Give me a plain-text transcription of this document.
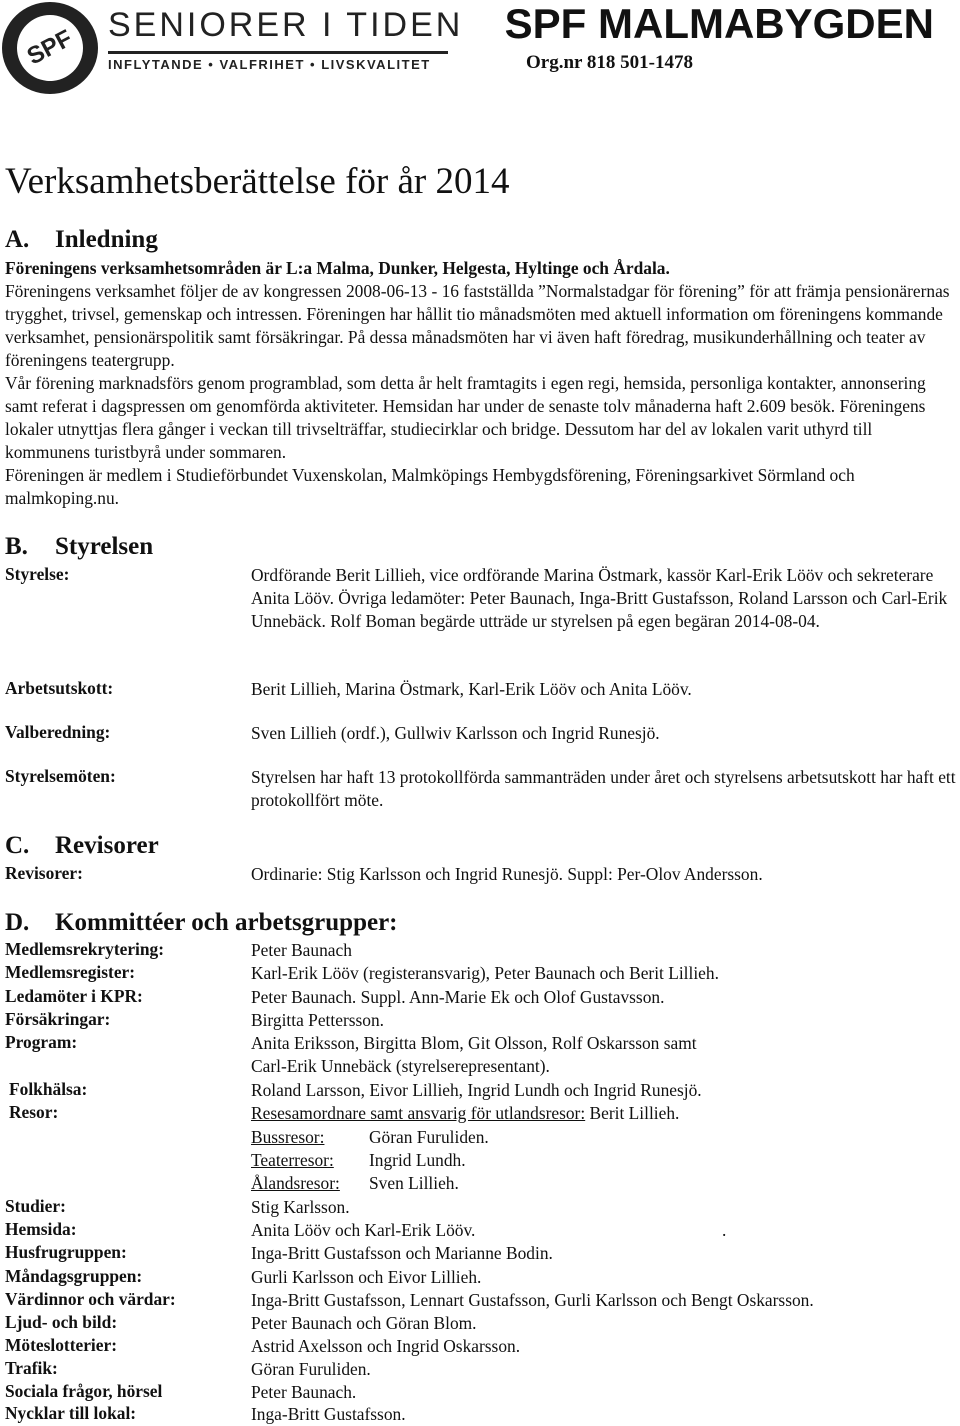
SPF SENIORER I TIDEN
INFLYTANDE • VALFRIHET • LIVSKVALITET
SPF MALMABYGDEN
Org.nr 818 501-1478
Verksamhetsberättelse för år 2014
A. Inledning
Föreningens verksamhetsområden är L:a Malma, Dunker, Helgesta, Hyltinge och Årdala.
Föreningens verksamhet följer de av kongressen 2008-06-13 - 16 fastställda ”Normalstadgar för förening” för att främja pensionärernas trygghet, trivsel, gemenskap och intressen. Föreningen har hållit tio månadsmöten med aktuell information om föreningens kommande verksamhet, pensionärspolitik samt försäkringar. På dessa månadsmöten har vi även haft föredrag, musikunderhållning och teater av föreningens teatergrupp.
Vår förening marknadsförs genom programblad, som detta år helt framtagits i egen regi, hemsida, personliga kontakter, annonsering samt referat i dagspressen om genomförda aktiviteter. Hemsidan har under de senaste tolv månaderna haft 2.609 besök. Föreningens lokaler utnyttjas flera gånger i veckan till trivselträffar, studiecirklar och bridge. Dessutom har del av lokalen varit uthyrd till kommunens turistbyrå under sommaren.
Föreningen är medlem i Studieförbundet Vuxenskolan, Malmköpings Hembygdsförening, Föreningsarkivet Sörmland och malmkoping.nu.
B. Styrelsen
Styrelse:	Ordförande Berit Lillieh, vice ordförande Marina Östmark, kassör Karl-Erik Lööv och sekreterare Anita Lööv. Övriga ledamöter: Peter Baunach, Inga-Britt Gustafsson, Roland Larsson och Carl-Erik Unnebäck. Rolf Boman begärde utträde ur styrelsen på egen begäran 2014-08-04.
Arbetsutskott:	Berit Lillieh, Marina Östmark, Karl-Erik Lööv och Anita Lööv.
Valberedning:	Sven Lillieh (ordf.), Gullwiv Karlsson och Ingrid Runesjö.
Styrelsemöten:	Styrelsen har haft 13 protokollförda sammanträden under året och styrelsens arbetsutskott har haft ett protokollfört möte.
C. Revisorer
Revisorer:	Ordinarie: Stig Karlsson och Ingrid Runesjö. Suppl: Per-Olov Andersson.
D. Kommittéer och arbetsgrupper:
Medlemsrekrytering:	Peter Baunach
Medlemsregister:	Karl-Erik Lööv (registeransvarig), Peter Baunach och Berit Lillieh.
Ledamöter i KPR:	Peter Baunach. Suppl. Ann-Marie Ek och Olof Gustavsson.
Försäkringar:	Birgitta Pettersson.
Program:	Anita Eriksson, Birgitta Blom, Git Olsson, Rolf Oskarsson samt
Carl-Erik Unnebäck (styrelserepresentant).
Folkhälsa:	Roland Larsson, Eivor Lillieh, Ingrid Lundh och Ingrid Runesjö.
Resor:	Resesamordnare samt ansvarig för utlandsresor: Berit Lillieh.
Bussresor:	Göran Furuliden.
Teaterresor: Ingrid Lundh.
Ålandsresor: Sven Lillieh.
Studier:	Stig Karlsson.
Hemsida:	Anita Lööv och Karl-Erik Lööv.	.
Husfrugruppen:	Inga-Britt Gustafsson och Marianne Bodin.
Måndagsgruppen:	Gurli Karlsson och Eivor Lillieh.
Värdinnor och värdar:	Inga-Britt Gustafsson, Lennart Gustafsson, Gurli Karlsson och Bengt Oskarsson.
Ljud- och bild:	Peter Baunach och Göran Blom.
Möteslotterier:	Astrid Axelsson och Ingrid Oskarsson.
Trafik:	Göran Furuliden.
Sociala frågor, hörsel	Peter Baunach.
Nycklar till lokal:	Inga-Britt Gustafsson.
